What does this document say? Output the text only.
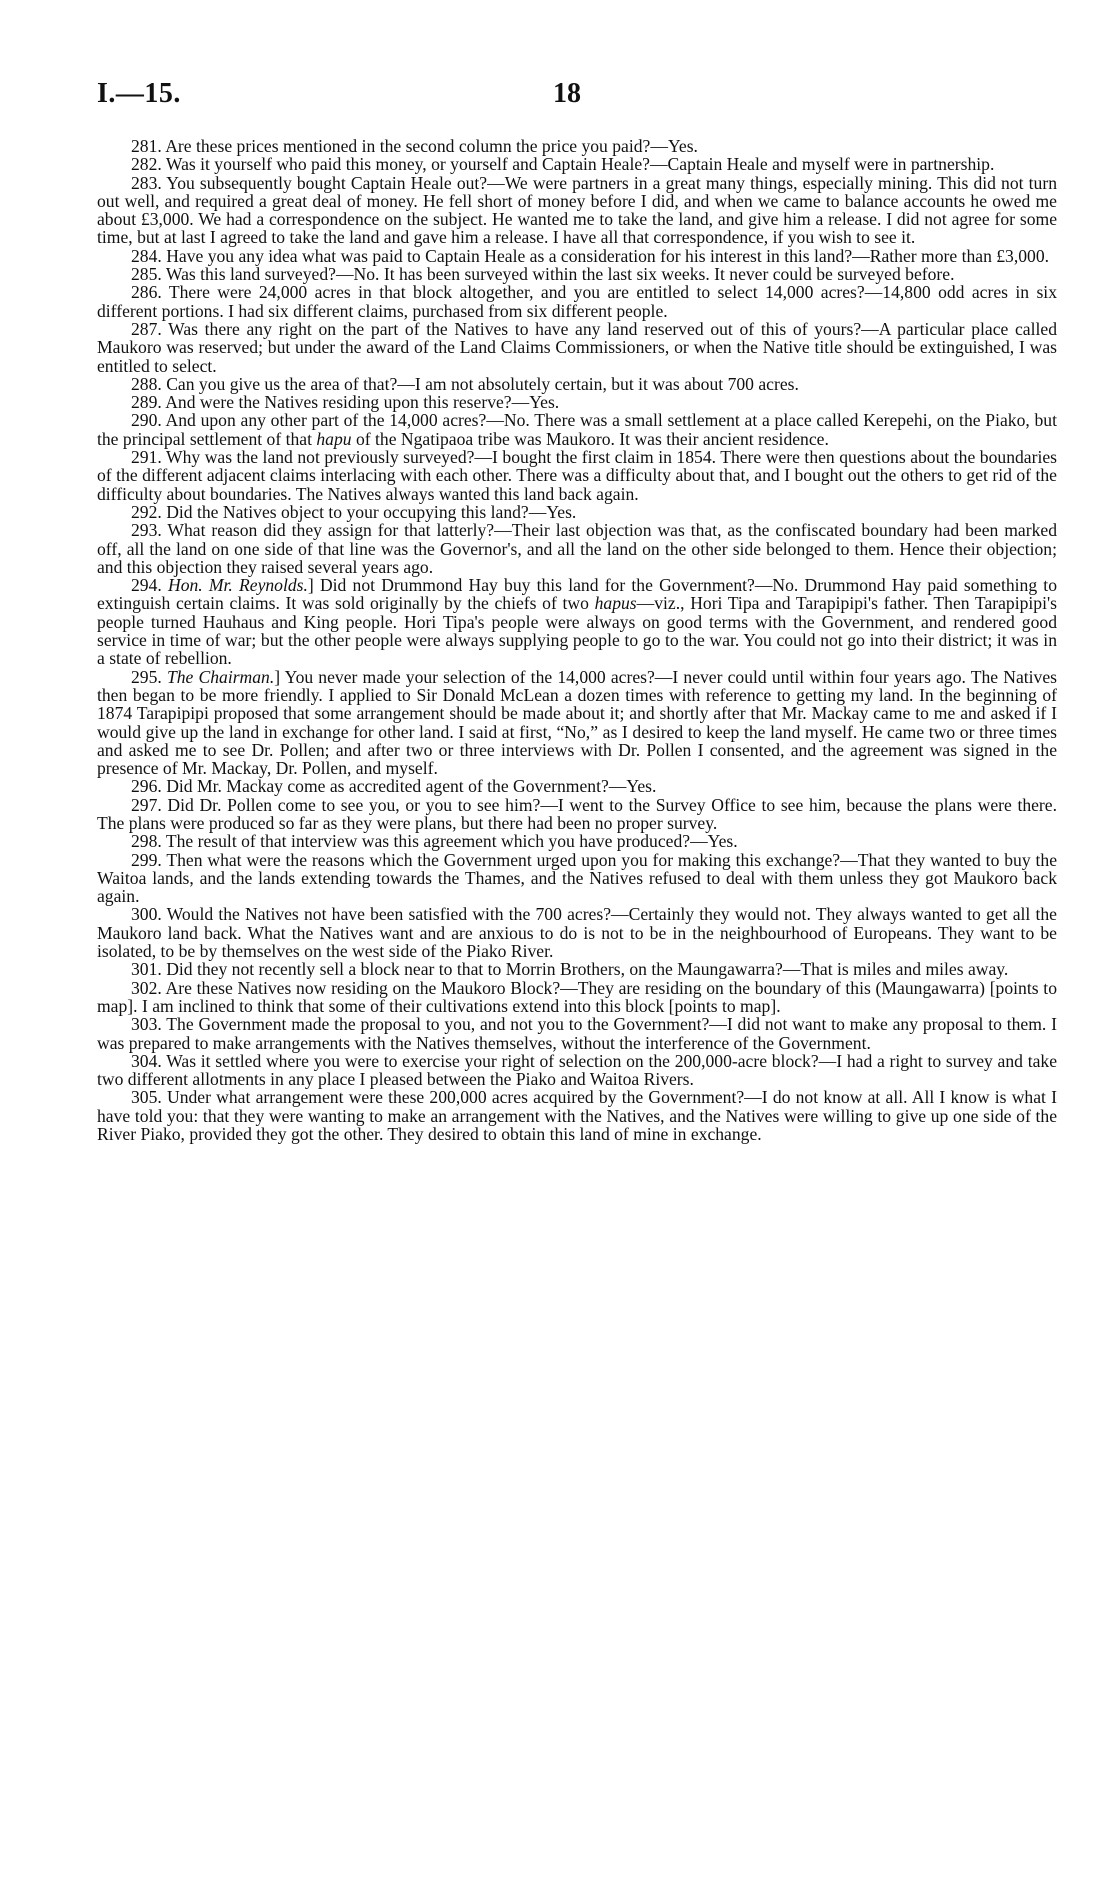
I.—15.	18

281. Are these prices mentioned in the second column the price you paid?—Yes.

282. Was it yourself who paid this money, or yourself and Captain Heale?—Captain Heale and myself were in partnership.

283. You subsequently bought Captain Heale out?—We were partners in a great many things, especially mining. This did not turn out well, and required a great deal of money. He fell short of money before I did, and when we came to balance accounts he owed me about £3,000. We had a correspondence on the subject. He wanted me to take the land, and give him a release. I did not agree for some time, but at last I agreed to take the land and gave him a release. I have all that correspondence, if you wish to see it.

284. Have you any idea what was paid to Captain Heale as a consideration for his interest in this land?—Rather more than £3,000.

285. Was this land surveyed?—No. It has been surveyed within the last six weeks. It never could be surveyed before.

286. There were 24,000 acres in that block altogether, and you are entitled to select 14,000 acres?—14,800 odd acres in six different portions. I had six different claims, purchased from six different people.

287. Was there any right on the part of the Natives to have any land reserved out of this of yours?—A particular place called Maukoro was reserved; but under the award of the Land Claims Commissioners, or when the Native title should be extinguished, I was entitled to select.

288. Can you give us the area of that?—I am not absolutely certain, but it was about 700 acres.

289. And were the Natives residing upon this reserve?—Yes.

290. And upon any other part of the 14,000 acres?—No. There was a small settlement at a place called Kerepehi, on the Piako, but the principal settlement of that hapu of the Ngatipaoa tribe was Maukoro. It was their ancient residence.

291. Why was the land not previously surveyed?—I bought the first claim in 1854. There were then questions about the boundaries of the different adjacent claims interlacing with each other. There was a difficulty about that, and I bought out the others to get rid of the difficulty about boundaries. The Natives always wanted this land back again.

292. Did the Natives object to your occupying this land?—Yes.

293. What reason did they assign for that latterly?—Their last objection was that, as the confiscated boundary had been marked off, all the land on one side of that line was the Governor's, and all the land on the other side belonged to them. Hence their objection; and this objection they raised several years ago.

294. Hon. Mr. Reynolds.] Did not Drummond Hay buy this land for the Government?—No. Drummond Hay paid something to extinguish certain claims. It was sold originally by the chiefs of two hapus—viz., Hori Tipa and Tarapipipi's father. Then Tarapipipi's people turned Hauhaus and King people. Hori Tipa's people were always on good terms with the Government, and rendered good service in time of war; but the other people were always supplying people to go to the war. You could not go into their district; it was in a state of rebellion.

295. The Chairman.] You never made your selection of the 14,000 acres?—I never could until within four years ago. The Natives then began to be more friendly. I applied to Sir Donald McLean a dozen times with reference to getting my land. In the beginning of 1874 Tarapipipi proposed that some arrangement should be made about it; and shortly after that Mr. Mackay came to me and asked if I would give up the land in exchange for other land. I said at first, “No,” as I desired to keep the land myself. He came two or three times and asked me to see Dr. Pollen; and after two or three interviews with Dr. Pollen I consented, and the agreement was signed in the presence of Mr. Mackay, Dr. Pollen, and myself.

296. Did Mr. Mackay come as accredited agent of the Government?—Yes.

297. Did Dr. Pollen come to see you, or you to see him?—I went to the Survey Office to see him, because the plans were there. The plans were produced so far as they were plans, but there had been no proper survey.

298. The result of that interview was this agreement which you have produced?—Yes.

299. Then what were the reasons which the Government urged upon you for making this exchange?—That they wanted to buy the Waitoa lands, and the lands extending towards the Thames, and the Natives refused to deal with them unless they got Maukoro back again.

300. Would the Natives not have been satisfied with the 700 acres?—Certainly they would not. They always wanted to get all the Maukoro land back. What the Natives want and are anxious to do is not to be in the neighbourhood of Europeans. They want to be isolated, to be by themselves on the west side of the Piako River.

301. Did they not recently sell a block near to that to Morrin Brothers, on the Maungawarra?—That is miles and miles away.

302. Are these Natives now residing on the Maukoro Block?—They are residing on the boundary of this (Maungawarra) [points to map]. I am inclined to think that some of their cultivations extend into this block [points to map].

303. The Government made the proposal to you, and not you to the Government?—I did not want to make any proposal to them. I was prepared to make arrangements with the Natives themselves, without the interference of the Government.

304. Was it settled where you were to exercise your right of selection on the 200,000-acre block?—I had a right to survey and take two different allotments in any place I pleased between the Piako and Waitoa Rivers.

305. Under what arrangement were these 200,000 acres acquired by the Government?—I do not know at all. All I know is what I have told you: that they were wanting to make an arrangement with the Natives, and the Natives were willing to give up one side of the River Piako, provided they got the other. They desired to obtain this land of mine in exchange.
